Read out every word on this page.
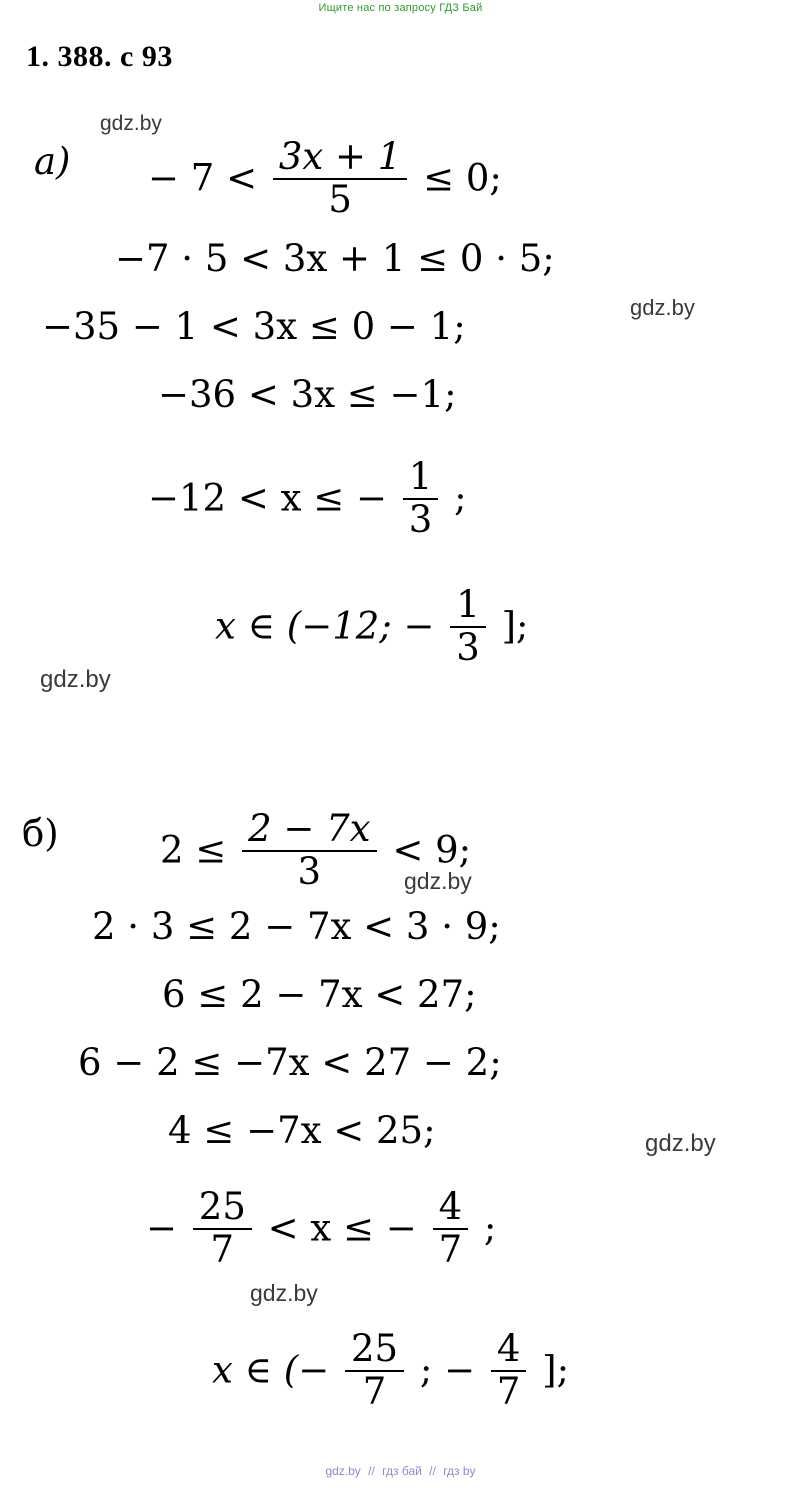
Ищите нас по запросу ГДЗ Бай
1. 388. c 93
gdz.by
gdz.by
gdz.by
gdz.by
gdz.by
gdz.by
$a) - 7 < \frac{3x + 1}{5} \le 0$;
−7 · 5 < 3x + 1 ≤ 0 · 5;
−35 − 1 < 3x ≤ 0 − 1;
−36 < 3x ≤ −1;
−12 < x ≤ − $\frac{1}{3}$ ;
x ∈ (−12; − $\frac{1}{3}$ ];
б)	$2 \le \frac{2 - 7x}{3} < 9$;
2 · 3 ≤ 2 − 7x < 3 · 9;
6 ≤ 2 − 7x < 27;
6 − 2 ≤ −7x < 27 − 2;
4 ≤ −7x < 25;
− $\frac{25}{7} < x$ ≤ − $\frac{4}{7}$ ;
x ∈ (− $\frac{25}{7}$ ; − $\frac{4}{7}$ ];
gdz.by // гдз бай // гдз by
